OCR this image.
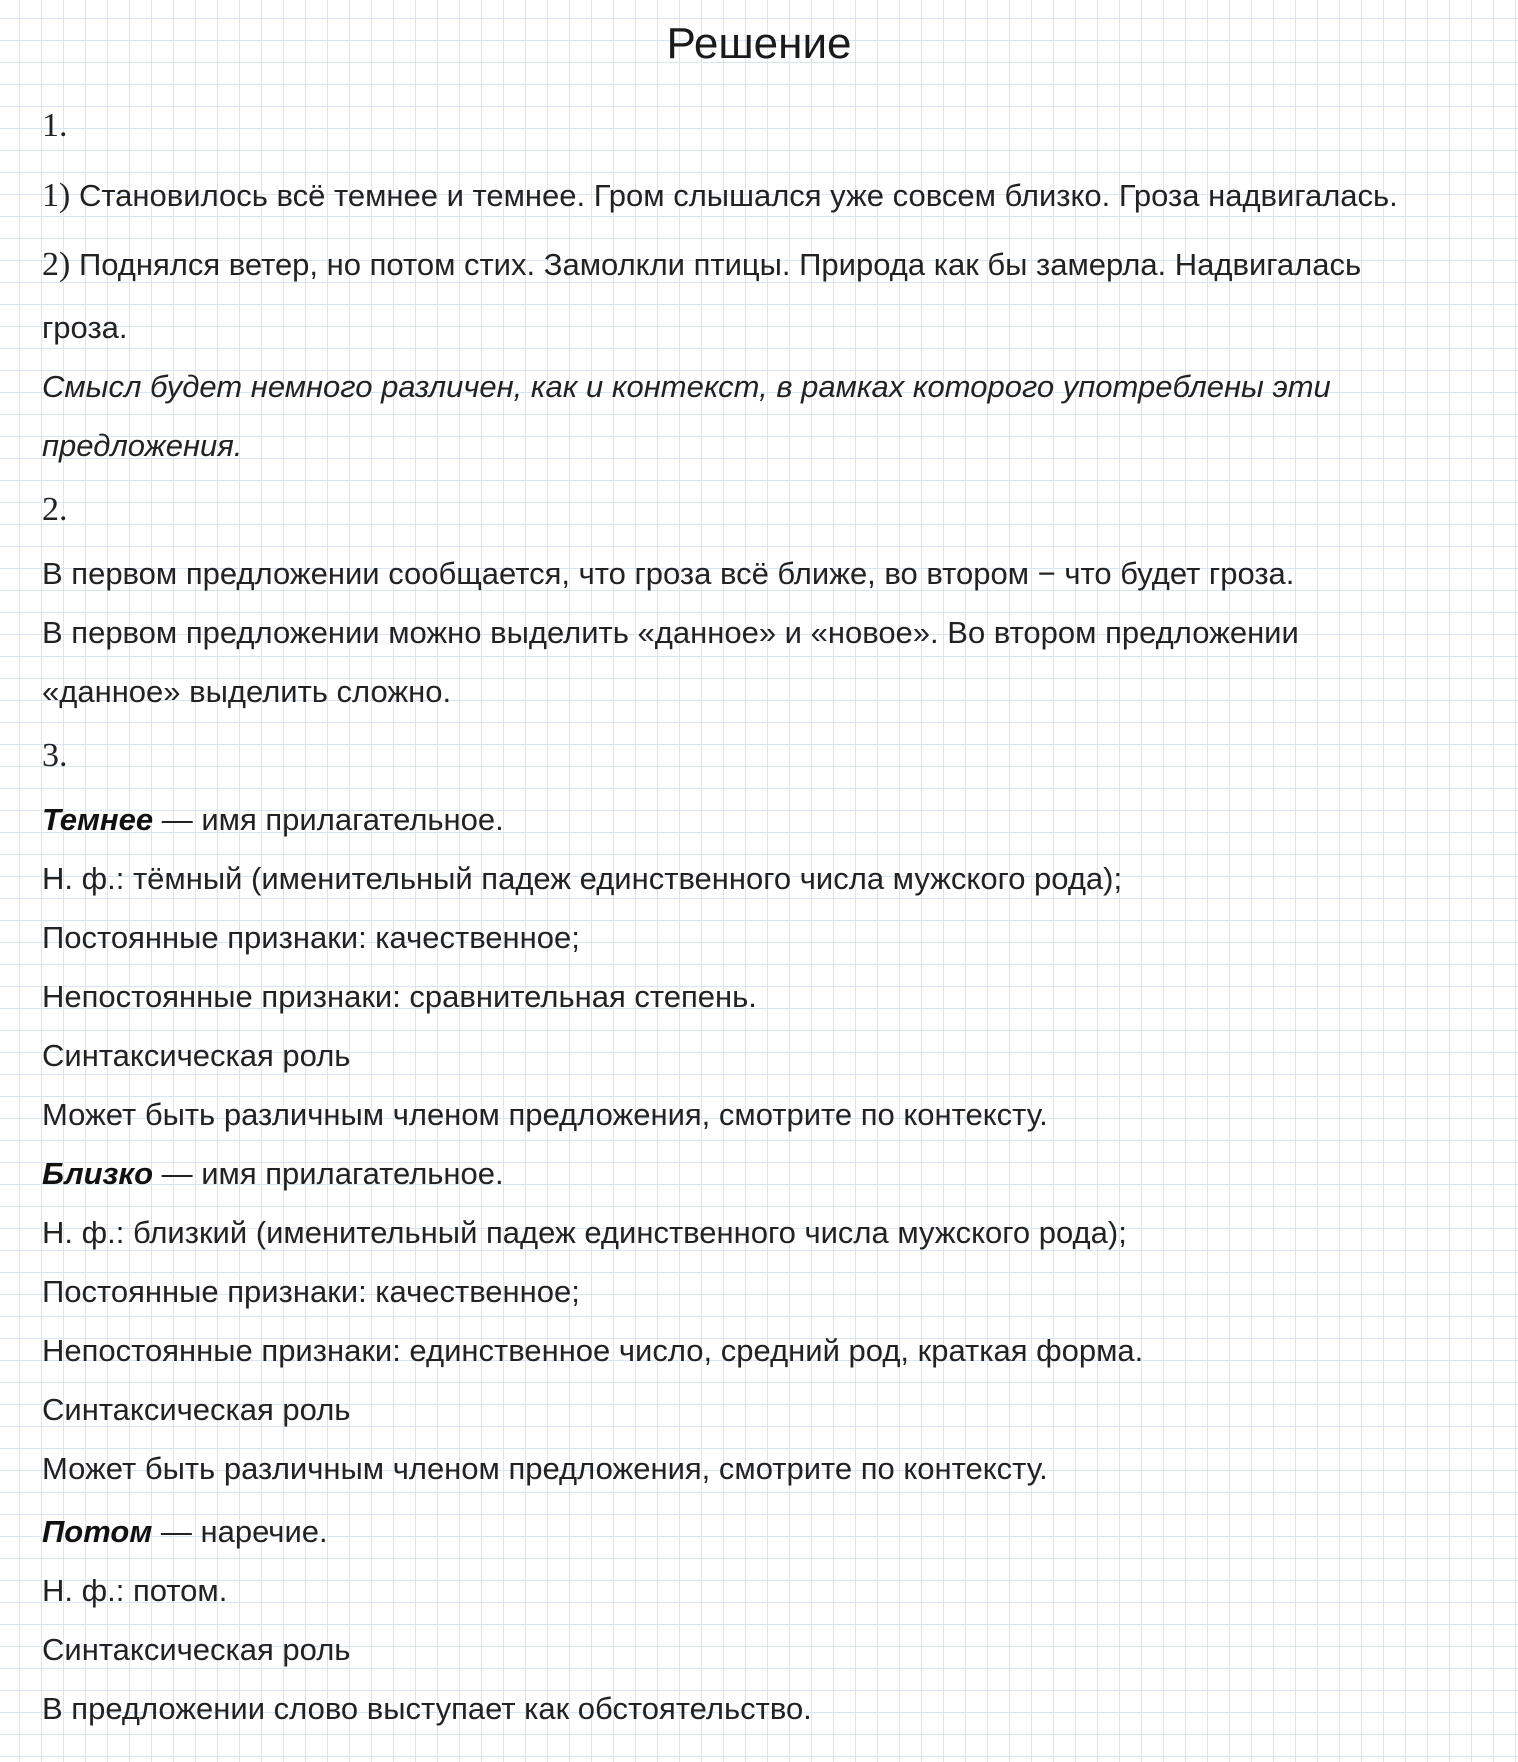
Решение
1.
1) Становилось всё темнее и темнее. Гром слышался уже совсем близко. Гроза надвигалась.
2) Поднялся ветер, но потом стих. Замолкли птицы. Природа как бы замерла. Надвигалась
гроза.
Смысл будет немного различен, как и контекст, в рамках которого употреблены эти
предложения.
2.
В первом предложении сообщается, что гроза всё ближе, во втором − что будет гроза.
В первом предложении можно выделить «данное» и «новое». Во втором предложении
«данное» выделить сложно.
3.
Темнее — имя прилагательное.
Н. ф.: тёмный (именительный падеж единственного числа мужского рода);
Постоянные признаки: качественное;
Непостоянные признаки: сравнительная степень.
Синтаксическая роль
Может быть различным членом предложения, смотрите по контексту.
Близко — имя прилагательное.
Н. ф.: близкий (именительный падеж единственного числа мужского рода);
Постоянные признаки: качественное;
Непостоянные признаки: единственное число, средний род, краткая форма.
Синтаксическая роль
Может быть различным членом предложения, смотрите по контексту.
Потом — наречие.
Н. ф.: потом.
Синтаксическая роль
В предложении слово выступает как обстоятельство.
